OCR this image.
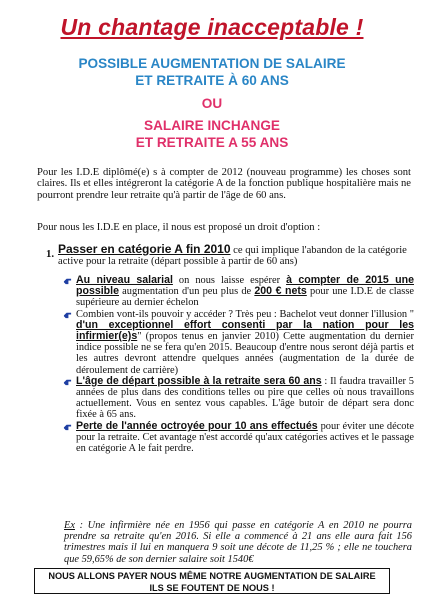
Un chantage inacceptable !
POSSIBLE AUGMENTATION DE SALAIRE
ET RETRAITE À 60 ANS
OU
SALAIRE INCHANGE
ET RETRAITE A 55 ANS
Pour les I.D.E diplômé(e) s à compter de 2012 (nouveau programme) les choses sont claires. Ils et elles intégreront la catégorie A de la fonction publique hospitalière mais ne pourront prendre leur retraite qu'à partir de l'âge de 60 ans.
Pour nous les I.D.E en place, il nous est proposé un droit d'option :
1. Passer en catégorie A fin 2010 ce qui implique l'abandon de la catégorie active pour la retraite (départ possible à partir de 60 ans)
Au niveau salarial on nous laisse espérer à compter de 2015 une possible augmentation d'un peu plus de 200 € nets pour une I.D.E de classe supérieure au dernier échelon
Combien vont-ils pouvoir y accéder ? Très peu : Bachelot veut donner l'illusion " d'un exceptionnel effort consenti par la nation pour les infirmier(e)s" (propos tenus en janvier 2010) Cette augmentation du dernier indice possible ne se fera qu'en 2015. Beaucoup d'entre nous seront déjà partis et les autres devront attendre quelques années (augmentation de la durée de déroulement de carrière)
L'âge de départ possible à la retraite sera 60 ans : Il faudra travailler 5 années de plus dans des conditions telles ou pire que celles où nous travaillons actuellement. Vous en sentez vous capables. L'âge butoir de départ sera donc fixée à 65 ans.
Perte de l'année octroyée pour 10 ans effectués pour éviter une décote pour la retraite. Cet avantage n'est accordé qu'aux catégories actives et le passage en catégorie A le fait perdre.
Ex : Une infirmière née en 1956 qui passe en catégorie A en 2010 ne pourra prendre sa retraite qu'en 2016. Si elle a commencé à 21 ans elle aura fait 156 trimestres mais il lui en manquera 9 soit une décote de 11,25 % ; elle ne touchera que 59,65% de son dernier salaire soit 1540€
NOUS ALLONS PAYER NOUS MÊME NOTRE AUGMENTATION DE SALAIRE
ILS SE FOUTENT DE NOUS !
